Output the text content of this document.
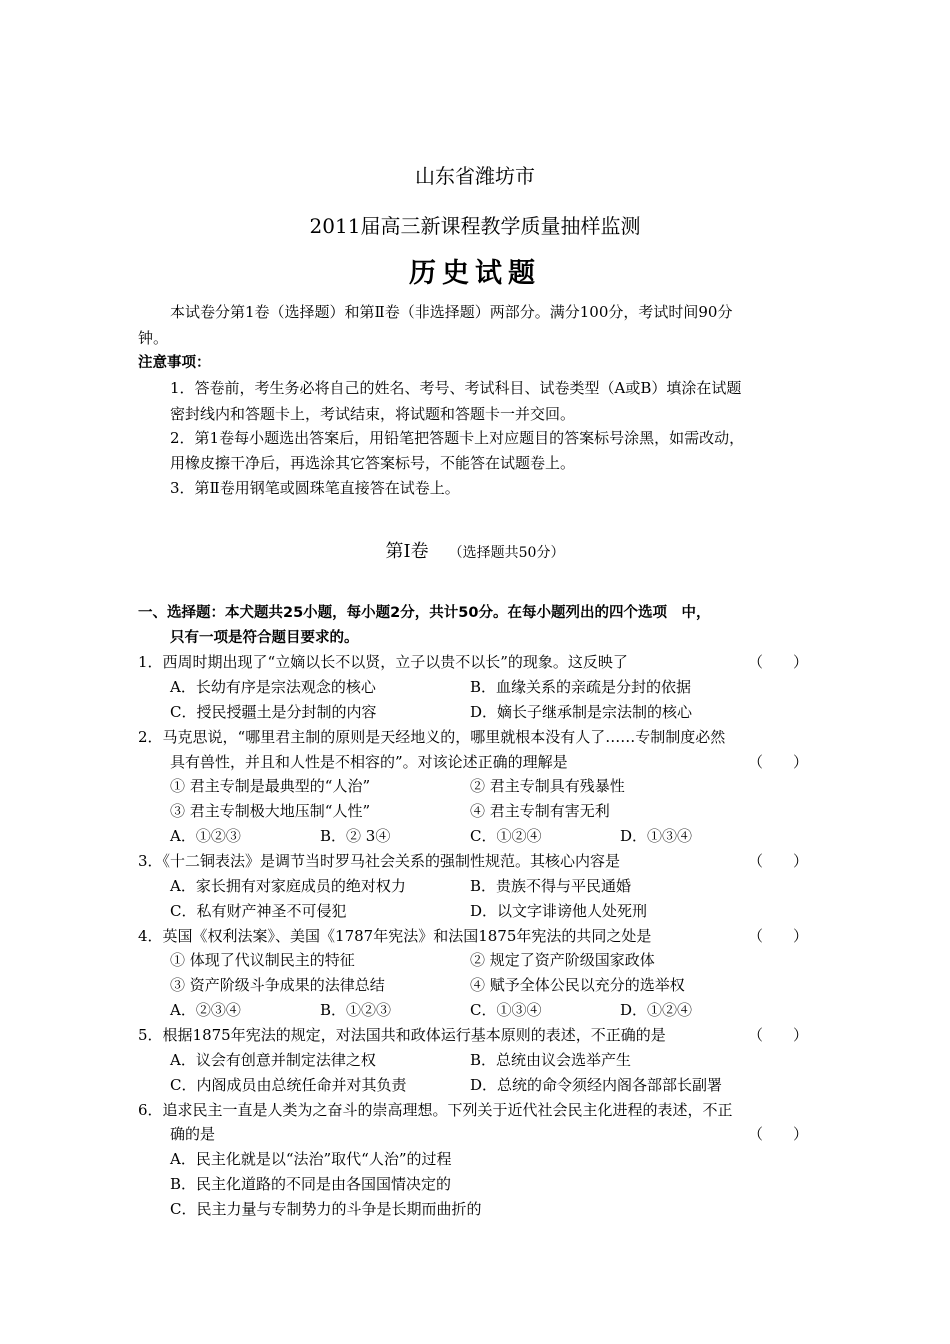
山东省潍坊市
2011届高三新课程教学质量抽样监测
历史试题
本试卷分第1卷（选择题）和第Ⅱ卷（非选择题）两部分。满分100分，考试时间90分
钟。
注意事项：
1．答卷前，考生务必将自己的姓名、考号、考试科目、试卷类型（A或B）填涂在试题
密封线内和答题卡上，考试结束，将试题和答题卡一并交回。
2．第1卷每小题选出答案后，用铅笔把答题卡上对应题目的答案标号涂黑，如需改动，
用橡皮擦干净后，再选涂其它答案标号，不能答在试题卷上。
3．第Ⅱ卷用钢笔或圆珠笔直接答在试卷上。
第Ⅰ卷 （选择题共50分）
一、选择题：本犬题共25小题，每小题2分，共计50分。在每小题列出的四个选项　中，
只有一项是符合题目要求的。
1．西周时期出现了“立嫡以长不以贤，立子以贵不以长”的现象。这反映了	（　　）
A．长幼有序是宗法观念的核心	B．血缘关系的亲疏是分封的依据
C．授民授疆土是分封制的内容	D．嫡长子继承制是宗法制的核心
2．马克思说，“哪里君主制的原则是天经地义的，哪里就根本没有人了……专制制度必然
具有兽性，并且和人性是不相容的”。对该论述正确的理解是	（　　）
① 君主专制是最典型的“人治”	② 君主专制具有残暴性
③ 君主专制极大地压制“人性”	④ 君主专制有害无利
A．①②③	B．② 3④	C．①②④	D．①③④
3．《十二铜表法》是调节当时罗马社会关系的强制性规范。其核心内容是	（　　）
A．家长拥有对家庭成员的绝对权力	B．贵族不得与平民通婚
C．私有财产神圣不可侵犯	D．以文字诽谤他人处死刑
4．英国《权利法案》、美国《1787年宪法》和法国1875年宪法的共同之处是	（　　）
① 体现了代议制民主的特征	② 规定了资产阶级国家政体
③ 资产阶级斗争成果的法律总结	④ 赋予全体公民以充分的选举权
A．②③④	B．①②③	C．①③④	D．①②④
5．根据1875年宪法的规定，对法国共和政体运行基本原则的表述，不正确的是	（　　）
A．议会有创意并制定法律之权	B．总统由议会选举产生
C．内阁成员由总统任命并对其负责	D．总统的命令须经内阁各部部长副署
6．追求民主一直是人类为之奋斗的崇高理想。下列关于近代社会民主化进程的表述，不正
确的是	（　　）
A．民主化就是以“法治”取代“人治”的过程
B．民主化道路的不同是由各国国情决定的
C．民主力量与专制势力的斗争是长期而曲折的
